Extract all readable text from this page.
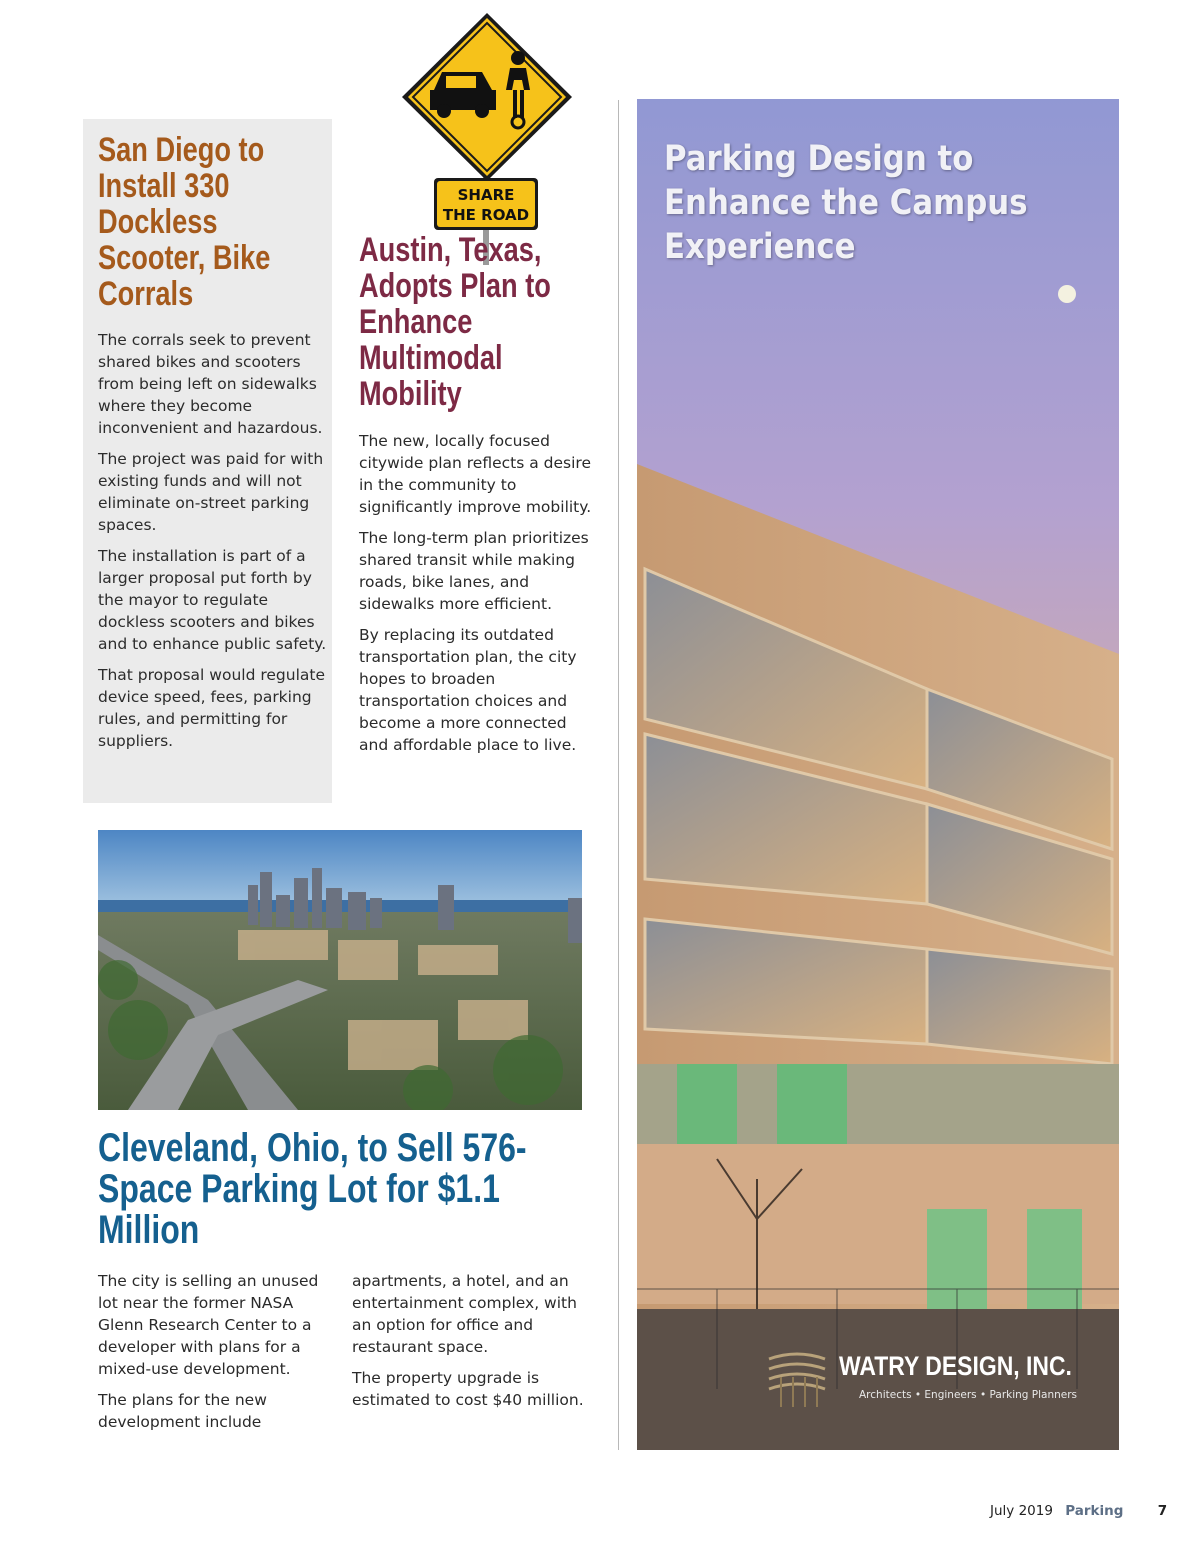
San Diego to Install 330 Dockless Scooter, Bike Corrals

The corrals seek to prevent shared bikes and scooters from being left on sidewalks where they become inconvenient and hazardous.

The project was paid for with existing funds and will not eliminate on-street parking spaces.

The installation is part of a larger proposal put forth by the mayor to regulate dockless scooters and bikes and to enhance public safety.

That proposal would regulate device speed, fees, parking rules, and permitting for suppliers.

SHARE
THE ROAD
Austin, Texas, Adopts Plan to Enhance Multimodal Mobility

The new, locally focused citywide plan reflects a desire in the community to significantly improve mobility.

The long-term plan prioritizes shared transit while making roads, bike lanes, and sidewalks more efficient.

By replacing its outdated transportation plan, the city hopes to broaden transportation choices and become a more connected and affordable place to live.

Cleveland, Ohio, to Sell 576-Space Parking Lot for $1.1 Million

The city is selling an unused lot near the former NASA Glenn Research Center to a developer with plans for a mixed-use development.

The plans for the new development include

apartments, a hotel, and an entertainment complex, with an option for office and restaurant space.

The property upgrade is estimated to cost $40 million.

Parking Design to Enhance the Campus Experience
WATRY DESIGN, INC.
Architects • Engineers • Parking Planners
July 2019 Parking	7
